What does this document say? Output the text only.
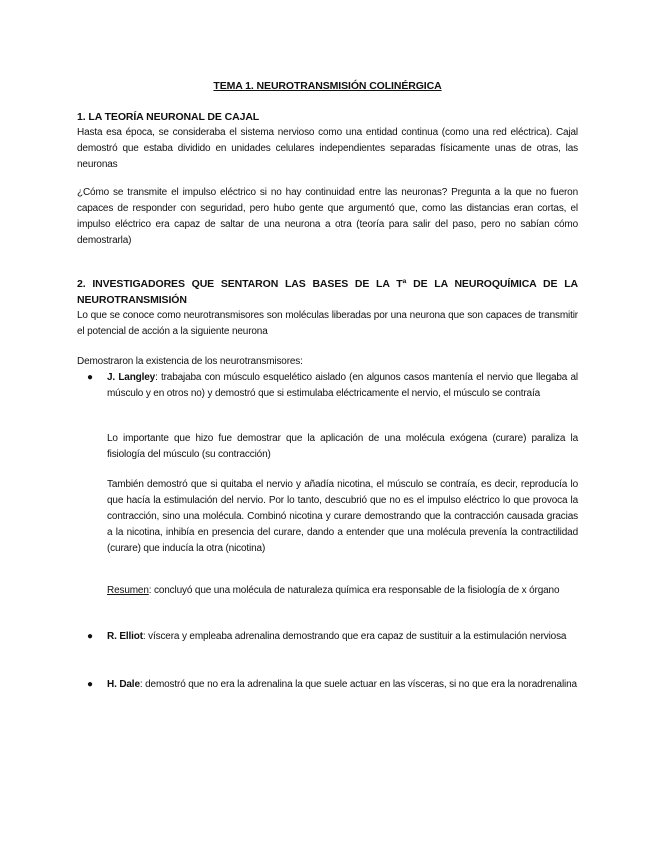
TEMA 1. NEUROTRANSMISIÓN COLINÉRGICA

1. LA TEORÍA NEURONAL DE CAJAL

Hasta esa época, se consideraba el sistema nervioso como una entidad continua (como una red eléctrica). Cajal demostró que estaba dividido en unidades celulares independientes separadas físicamente unas de otras, las neuronas

¿Cómo se transmite el impulso eléctrico si no hay continuidad entre las neuronas? Pregunta a la que no fueron capaces de responder con seguridad, pero hubo gente que argumentó que, como las distancias eran cortas, el impulso eléctrico era capaz de saltar de una neurona a otra (teoría para salir del paso, pero no sabían cómo demostrarla)

2. INVESTIGADORES QUE SENTARON LAS BASES DE LA Tª DE LA NEUROQUÍMICA DE LA NEUROTRANSMISIÓN

Lo que se conoce como neurotransmisores son moléculas liberadas por una neurona que son capaces de transmitir el potencial de acción a la siguiente neurona

Demostraron la existencia de los neurotransmisores:

● J. Langley: trabajaba con músculo esquelético aislado (en algunos casos mantenía el nervio que llegaba al músculo y en otros no) y demostró que si estimulaba eléctricamente el nervio, el músculo se contraía

Lo importante que hizo fue demostrar que la aplicación de una molécula exógena (curare) paraliza la fisiología del músculo (su contracción)

También demostró que si quitaba el nervio y añadía nicotina, el músculo se contraía, es decir, reproducía lo que hacía la estimulación del nervio. Por lo tanto, descubrió que no es el impulso eléctrico lo que provoca la contracción, sino una molécula. Combinó nicotina y curare demostrando que la contracción causada gracias a la nicotina, inhibía en presencia del curare, dando a entender que una molécula prevenía la contractilidad (curare) que inducía la otra (nicotina)

Resumen: concluyó que una molécula de naturaleza química era responsable de la fisiología de x órgano

● R. Elliot: víscera y empleaba adrenalina demostrando que era capaz de sustituir a la estimulación nerviosa

● H. Dale: demostró que no era la adrenalina la que suele actuar en las vísceras, si no que era la noradrenalina
